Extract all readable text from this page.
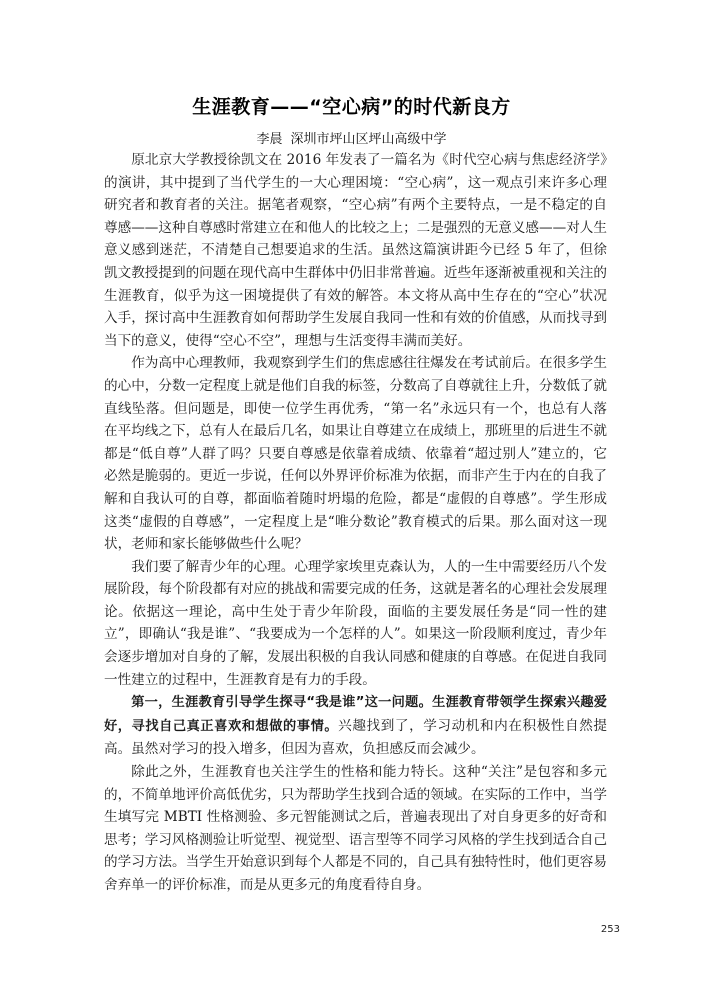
生涯教育——“空心病”的时代新良方
李晨 深圳市坪山区坪山高级中学

原北京大学教授徐凯文在 2016 年发表了一篇名为《时代空心病与焦虑经济学》的演讲，其中提到了当代学生的一大心理困境：“空心病”，这一观点引来许多心理研究者和教育者的关注。据笔者观察，“空心病”有两个主要特点，一是不稳定的自尊感——这种自尊感时常建立在和他人的比较之上；二是强烈的无意义感——对人生意义感到迷茫，不清楚自己想要追求的生活。虽然这篇演讲距今已经 5 年了，但徐凯文教授提到的问题在现代高中生群体中仍旧非常普遍。近些年逐渐被重视和关注的生涯教育，似乎为这一困境提供了有效的解答。本文将从高中生存在的“空心”状况入手，探讨高中生涯教育如何帮助学生发展自我同一性和有效的价值感，从而找寻到当下的意义，使得“空心不空”，理想与生活变得丰满而美好。

作为高中心理教师，我观察到学生们的焦虑感往往爆发在考试前后。在很多学生的心中，分数一定程度上就是他们自我的标签，分数高了自尊就往上升，分数低了就直线坠落。但问题是，即使一位学生再优秀，“第一名”永远只有一个，也总有人落在平均线之下，总有人在最后几名，如果让自尊建立在成绩上，那班里的后进生不就都是“低自尊”人群了吗？只要自尊感是依靠着成绩、依靠着“超过别人”建立的，它必然是脆弱的。更近一步说，任何以外界评价标准为依据，而非产生于内在的自我了解和自我认可的自尊，都面临着随时坍塌的危险，都是“虚假的自尊感”。学生形成这类“虚假的自尊感”，一定程度上是“唯分数论”教育模式的后果。那么面对这一现状，老师和家长能够做些什么呢？

我们要了解青少年的心理。心理学家埃里克森认为，人的一生中需要经历八个发展阶段，每个阶段都有对应的挑战和需要完成的任务，这就是著名的心理社会发展理论。依据这一理论，高中生处于青少年阶段，面临的主要发展任务是“同一性的建立”，即确认“我是谁”、“我要成为一个怎样的人”。如果这一阶段顺利度过，青少年会逐步增加对自身的了解，发展出积极的自我认同感和健康的自尊感。在促进自我同一性建立的过程中，生涯教育是有力的手段。

第一，生涯教育引导学生探寻“我是谁”这一问题。生涯教育带领学生探索兴趣爱好，寻找自己真正喜欢和想做的事情。兴趣找到了，学习动机和内在积极性自然提高。虽然对学习的投入增多，但因为喜欢，负担感反而会减少。

除此之外，生涯教育也关注学生的性格和能力特长。这种“关注”是包容和多元的，不简单地评价高低优劣，只为帮助学生找到合适的领域。在实际的工作中，当学生填写完 MBTI 性格测验、多元智能测试之后，普遍表现出了对自身更多的好奇和思考；学习风格测验让听觉型、视觉型、语言型等不同学习风格的学生找到适合自己的学习方法。当学生开始意识到每个人都是不同的，自己具有独特性时，他们更容易舍弃单一的评价标准，而是从更多元的角度看待自身。

253
